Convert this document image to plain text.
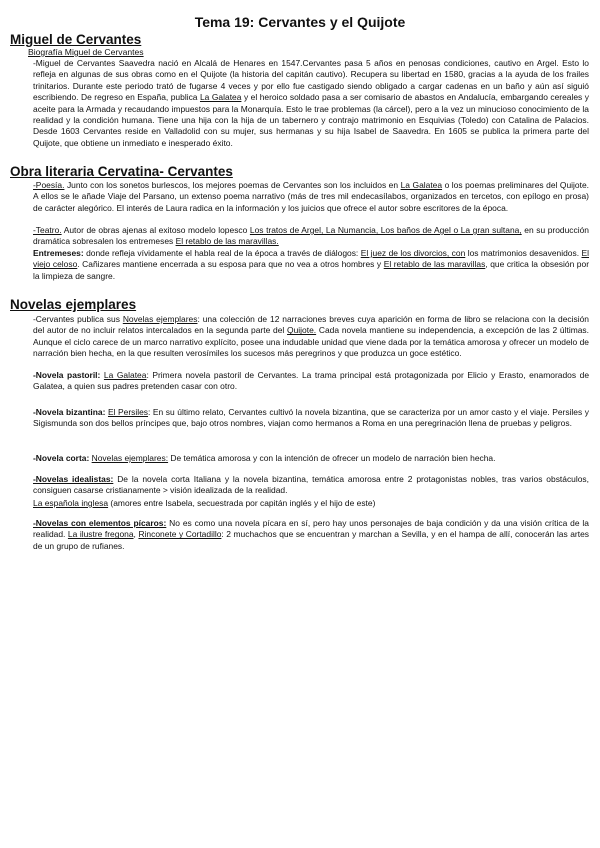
Tema 19: Cervantes y el Quijote
Miguel de Cervantes
Biografía Miguel de Cervantes
-Miguel de Cervantes Saavedra nació en Alcalá de Henares en 1547.Cervantes pasa 5 años en penosas condiciones, cautivo en Argel. Esto lo refleja en algunas de sus obras como en el Quijote (la historia del capitán cautivo). Recupera su libertad en 1580, gracias a la ayuda de los frailes trinitarios. Durante este periodo trató de fugarse 4 veces y por ello fue castigado siendo obligado a cargar cadenas en un baño y aún así siguió escribiendo. De regreso en España, publica La Galatea y el heroico soldado pasa a ser comisario de abastos en Andalucía, embargando cereales y aceite para la Armada y recaudando impuestos para la Monarquía. Esto le trae problemas (la cárcel), pero a la vez un minucioso conocimiento de la realidad y la condición humana. Tiene una hija con la hija de un tabernero y contrajo matrimonio en Esquivias (Toledo) con Catalina de Palacios. Desde 1603 Cervantes reside en Valladolid con su mujer, sus hermanas y su hija Isabel de Saavedra. En 1605 se publica la primera parte del Quijote, que obtiene un inmediato e inesperado éxito.
Obra literaria Cervatina- Cervantes
-Poesía. Junto con los sonetos burlescos, los mejores poemas de Cervantes son los incluidos en La Galatea o los poemas preliminares del Quijote. A ellos se le añade Viaje del Parsano, un extenso poema narrativo (más de tres mil endecasílabos, organizados en tercetos, con epílogo en prosa) de carácter alegórico. El interés de Laura radica en la información y los juicios que ofrece el autor sobre escritores de la época.
-Teatro. Autor de obras ajenas al exitoso modelo lopesco Los tratos de Argel, La Numancia, Los baños de Agel o La gran sultana, en su producción dramática sobresalen los entremeses El retablo de las maravillas.
Entremeses: donde refleja vívidamente el habla real de la época a través de diálogos: El juez de los divorcios, con los matrimonios desavenidos. El viejo celoso. Cañizares mantiene encerrada a su esposa para que no vea a otros hombres y El retablo de las maravillas, que critica la obsesión por la limpieza de sangre.
Novelas ejemplares
-Cervantes publica sus Novelas ejemplares: una colección de 12 narraciones breves cuya aparición en forma de libro se relaciona con la decisión del autor de no incluir relatos intercalados en la segunda parte del Quijote. Cada novela mantiene su independencia, a excepción de las 2 últimas. Aunque el ciclo carece de un marco narrativo explícito, posee una indudable unidad que viene dada por la temática amorosa y ofrecer un modelo de narración bien hecha, en la que resulten verosímiles los sucesos más peregrinos y que produzca un goce estético.
-Novela pastoril: La Galatea: Primera novela pastoril de Cervantes. La trama principal está protagonizada por Elicio y Erasto, enamorados de Galatea, a quien sus padres pretenden casar con otro.
-Novela bizantina: El Persiles: En su último relato, Cervantes cultivó la novela bizantina, que se caracteriza por un amor casto y el viaje. Persiles y Sigismunda son dos bellos príncipes que, bajo otros nombres, viajan como hermanos a Roma en una peregrinación llena de pruebas y peligros.
-Novela corta: Novelas ejemplares: De temática amorosa y con la intención de ofrecer un modelo de narración bien hecha.
-Novelas idealistas: De la novela corta Italiana y la novela bizantina, temática amorosa entre 2 protagonistas nobles, tras varios obstáculos, consiguen casarse cristianamente > visión idealizada de la realidad.
La española inglesa (amores entre Isabela, secuestrada por capitán inglés y el hijo de este)
-Novelas con elementos pícaros: No es como una novela pícara en sí, pero hay unos personajes de baja condición y da una visión crítica de la realidad. La ilustre fregona, Rinconete y Cortadillo: 2 muchachos que se encuentran y marchan a Sevilla, y en el hampa de allí, conocerán las artes de un grupo de rufianes.
